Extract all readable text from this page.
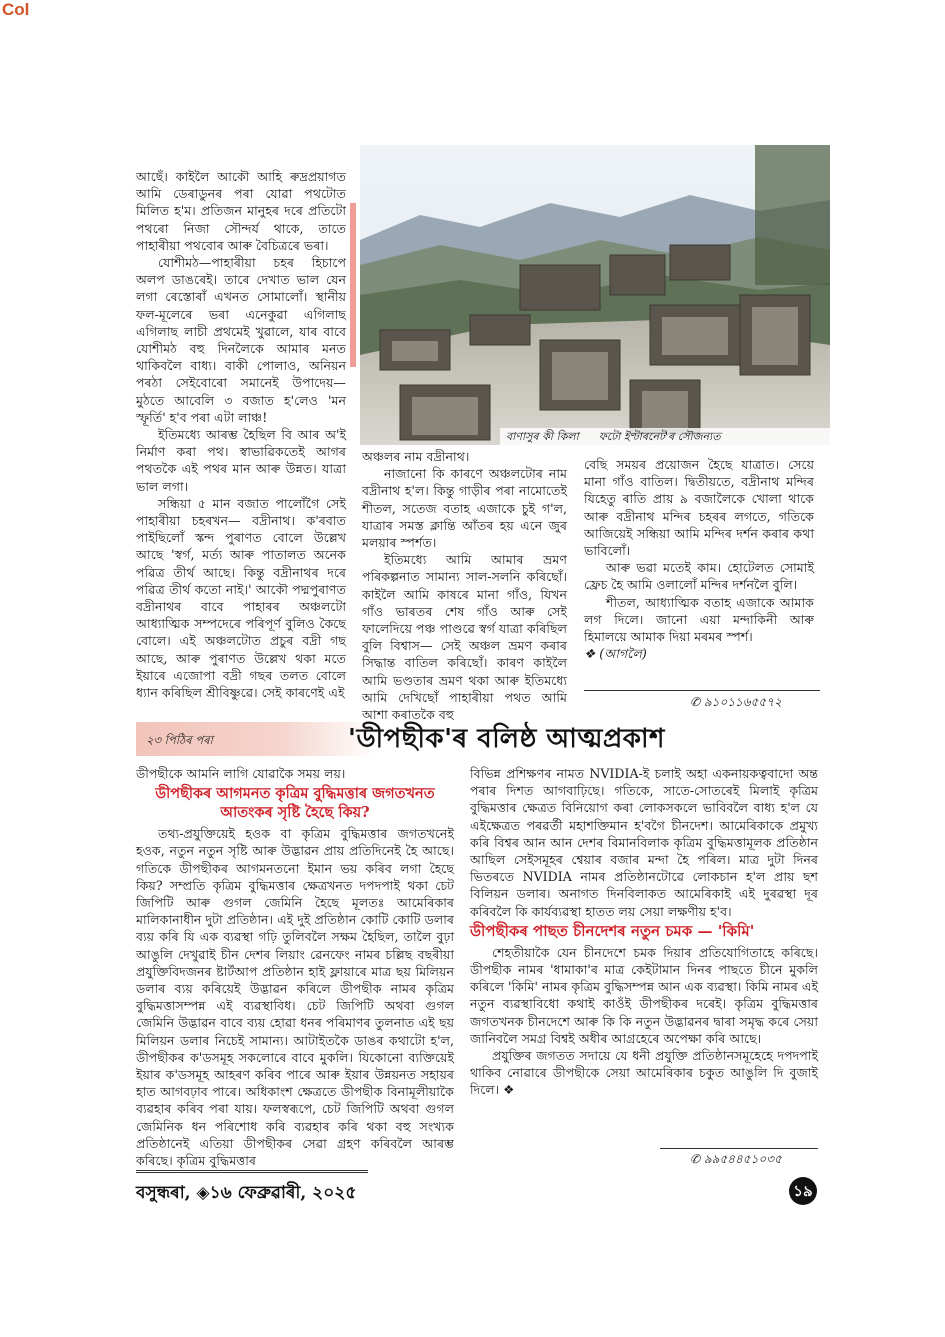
Col

আছেঁ। কাইলৈ আকৌ আহি ৰুদ্ৰপ্ৰয়াগত আমি ডেৰাডুনৰ পৰা যোৱা পথটোত মিলিত হ'ম। প্ৰতিজন মানুহৰ দৰে প্ৰতিটো পথৰো নিজা সৌন্দৰ্য থাকে, তাতে পাহাৰীয়া পথবোৰ আৰু বৈচিত্ৰৰে ভৰা।

যোশীমঠ—পাহাৰীয়া চহৰ হিচাপে অলপ ডাঙৰেই। তাৰে দেখাত ভাল যেন লগা ৰেস্তোৰাঁ এখনত সোমালোঁ। স্থানীয় ফল-মূলেৰে ভৰা এনেকুৱা এগিলাছ এগিলাছ লাচী প্ৰথমেই খুৱালে, যাৰ বাবে যোশীমঠ বহু দিনলৈকে আমাৰ মনত থাকিবলৈ বাধ্য। বাকী পোলাও, অনিয়ন পৰঠা সেইবোৰো সমানেই উপাদেয়— মুঠতে আবেলি ৩ বজাত হ'লেও 'মন স্ফূৰ্তি' হ'ব পৰা এটা লাঞ্চ!

ইতিমধ্যে আৰম্ভ হৈছিল বি আৰ অ'ই নিৰ্মাণ কৰা পথ। স্বাভাৱিকতেই আগৰ পথতকৈ এই পথৰ মান আৰু উন্নত। যাত্ৰা ভাল লগা।

সন্ধিয়া ৫ মান বজাত পালোঁগৈ সেই পাহাৰীয়া চহৰখন— বদ্ৰীনাথ। ক'ৰবাত পাইছিলোঁ স্কন্দ পুৰাণত বোলে উল্লেখ আছে 'স্বৰ্গ, মৰ্ত্য আৰু পাতালত অনেক পৱিত্ৰ তীৰ্থ আছে। কিন্তু বদ্ৰীনাথৰ দৰে পৱিত্ৰ তীৰ্থ কতো নাই।' আকৌ পদ্মপুৰাণত বদ্ৰীনাথৰ বাবে পাহাৰৰ অঞ্চলটো আধ্যাত্মিক সম্পদেৰে পৰিপূৰ্ণ বুলিও কৈছে বোলে। এই অঞ্চলটোত প্ৰচুৰ বদ্ৰী গছ আছে, আৰু পুৰাণত উল্লেখ থকা মতে ইয়াৰে এজোপা বদ্ৰী গছৰ তলত বোলে ধ্যান কৰিছিল শ্ৰীবিষ্ণুৱে। সেই কাৰণেই এই

বাণাসুৰ কী কিলা ফটো ইণ্টাৰনেট'ৰ সৌজন্যত

অঞ্চলৰ নাম বদ্ৰীনাথ।

নাজানো কি কাৰণে অঞ্চলটোৰ নাম বদ্ৰীনাথ হ'ল। কিন্তু গাড়ীৰ পৰা নামোতেই শীতল, সতেজ বতাহ এজাকে চুই গ'ল, যাত্ৰাৰ সমস্ত ক্লান্তি আঁতৰ হয় এনে জুৰ মলয়াৰ স্পৰ্শত।

ইতিমধ্যে আমি আমাৰ ভ্ৰমণ পৰিকল্পনাত সামান্য সাল-সলনি কৰিছোঁ। কাইলৈ আমি কাষৰে মানা গাঁও, যিখন গাঁও ভাৰতৰ শেষ গাঁও আৰু সেই ফালেদিয়ে পঞ্চ পাণ্ডৱে স্বৰ্গ যাত্ৰা কৰিছিল বুলি বিশ্বাস— সেই অঞ্চল ভ্ৰমণ কৰাৰ সিদ্ধান্ত বাতিল কৰিছোঁ। কাৰণ কাইলৈ আমি ভণ্ডতাৰ ভ্ৰমণ থকা আৰু ইতিমধ্যে আমি দেখিছোঁ পাহাৰীয়া পথত আমি আশা কৰাতকৈ বহু

বেছি সময়ৰ প্ৰয়োজন হৈছে যাত্ৰাত। সেয়ে মানা গাঁও বাতিল। দ্বিতীয়তে, বদ্ৰীনাথ মন্দিৰ যিহেতু ৰাতি প্ৰায় ৯ বজালৈকে খোলা থাকে আৰু বদ্ৰীনাথ মন্দিৰ চহৰৰ লগতে, গতিকে আজিয়েই সন্ধিয়া আমি মন্দিৰ দৰ্শন কৰাৰ কথা ভাবিলোঁ।

আৰু ভৱা মতেই কাম। হোটেলত সোমাই ফ্ৰেচ হৈ আমি ওলালোঁ মন্দিৰ দৰ্শনলৈ বুলি।

শীতল, আধ্যাত্মিক বতাহ এজাকে আমাক লগ দিলে। জানো এয়া মন্দাকিনী আৰু হিমালয়ে আমাক দিয়া মৰমৰ স্পৰ্শ।

❖ (আগলৈ)

✆ ৯১০১১৬৫৫৭২
২৩ পিঠিৰ পৰা	'ডীপছীক'ৰ বলিষ্ঠ আত্মপ্ৰকাশ

ডীপছীকে আমনি লাগি যোৱাকৈ সময় লয়।

ডীপছীকৰ আগমনত কৃত্ৰিম বুদ্ধিমত্তাৰ জগতখনত আতংকৰ সৃষ্টি হৈছে কিয়?

তথ্য-প্ৰযুক্তিয়েই হওক বা কৃত্ৰিম বুদ্ধিমত্তাৰ জগতখনেই হওক, নতুন নতুন সৃষ্টি আৰু উদ্ভাৱন প্ৰায় প্ৰতিদিনেই হৈ আছে। গতিকে ডীপছীকৰ আগমনতনো ইমান ভয় কৰিব লগা হৈছে কিয়? সম্প্ৰতি কৃত্ৰিম বুদ্ধিমত্তাৰ ক্ষেত্ৰখনত দপদপাই থকা চেট জিপিটি আৰু গুগল জেমিনি হৈছে মূলতঃ আমেৰিকাৰ মালিকানাধীন দুটা প্ৰতিষ্ঠান। এই দুই প্ৰতিষ্ঠান কোটি কোটি ডলাৰ ব্যয় কৰি যি এক ব্যৱস্থা গঢ়ি তুলিবলৈ সক্ষম হৈছিল, তালৈ বুঢ়া আঙুলি দেখুৱাই চীন দেশৰ লিয়াং ৱেনফেং নামৰ চল্লিছ বছৰীয়া প্ৰযুক্তিবিদজনৰ ষ্টাৰ্টআপ প্ৰতিষ্ঠান হাই ফ্লায়াৰে মাত্ৰ ছয় মিলিয়ন ডলাৰ ব্যয় কৰিয়েই উদ্ভাৱন কৰিলে ডীপছীক নামৰ কৃত্ৰিম বুদ্ধিমত্তাসম্পন্ন এই ব্যৱস্থাবিধ। চেট জিপিটি অথবা গুগল জেমিনি উদ্ভাৱন বাবে ব্যয় হোৱা ধনৰ পৰিমাণৰ তুলনাত এই ছয় মিলিয়ন ডলাৰ নিচেই সামান্য। আটাইতকৈ ডাঙৰ কথাটো হ'ল, ডীপছীকৰ ক'ডসমূহ সকলোৰে বাবে মুকলি। যিকোনো ব্যক্তিয়েই ইয়াৰ ক'ডসমূহ আহৰণ কৰিব পাৰে আৰু ইয়াৰ উন্নয়নত সহায়ৰ হাত আগবঢ়াব পাৰে। অধিকাংশ ক্ষেত্ৰতে ডীপছীক বিনামূলীয়াকৈ ব্যৱহাৰ কৰিব পৰা যায়। ফলস্বৰূপে, চেট জিপিটি অথবা গুগল জেমিনিক ধন পৰিশোধ কৰি ব্যৱহাৰ কৰি থকা বহু সংখ্যক প্ৰতিষ্ঠানেই এতিয়া ডীপছীকৰ সেৱা গ্ৰহণ কৰিবলৈ আৰম্ভ কৰিছে। কৃত্ৰিম বুদ্ধিমত্তাৰ

বিভিন্ন প্ৰশিক্ষণৰ নামত NVIDIA-ই চলাই অহা একনায়কত্ববাদো অন্ত পৰাৰ দিশত আগবাঢ়িছে। গতিকে, সাতে-সোতৰেই মিলাই কৃত্ৰিম বুদ্ধিমত্তাৰ ক্ষেত্ৰত বিনিয়োগ কৰা লোকসকলে ভাবিবলৈ বাধ্য হ'ল যে এইক্ষেত্ৰত পৰৱৰ্তী মহাশক্তিমান হ'বগৈ চীনদেশ। আমেৰিকাকে প্ৰমুখ্য কৰি বিশ্বৰ আন আন দেশৰ বিমানবিলাক কৃত্ৰিম বুদ্ধিমত্তামূলক প্ৰতিষ্ঠান আছিল সেইসমূহৰ শ্বেয়াৰ বজাৰ মন্দা হৈ পৰিল। মাত্ৰ দুটা দিনৰ ভিতৰতে NVIDIA নামৰ প্ৰতিষ্ঠানটোৱে লোকচান হ'ল প্ৰায় ছশ বিলিয়ন ডলাৰ। অনাগত দিনবিলাকত আমেৰিকাই এই দুৰৱস্থা দূৰ কৰিবলৈ কি কাৰ্যব্যৱস্থা হাতত লয় সেয়া লক্ষণীয় হ'ব।

ডীপছীকৰ পাছত চীনদেশৰ নতুন চমক — 'কিমি'

শেহতীয়াকৈ যেন চীনদেশে চমক দিয়াৰ প্ৰতিযোগিতাহে কৰিছে। ডীপছীক নামৰ 'ধামাকা'ৰ মাত্ৰ কেইটামান দিনৰ পাছতে চীনে মুকলি কৰিলে 'কিমি' নামৰ কৃত্ৰিম বুদ্ধিসম্পন্ন আন এক ব্যৱস্থা। কিমি নামৰ এই নতুন ব্যৱস্থাবিধো কথাই কাওঁই ডীপছীকৰ দৰেই। কৃত্ৰিম বুদ্ধিমত্তাৰ জগতখনক চীনদেশে আৰু কি কি নতুন উদ্ভাৱনৰ দ্বাৰা সমৃদ্ধ কৰে সেয়া জানিবলৈ সমগ্ৰ বিশ্বই অধীৰ আগ্ৰহেৰে অপেক্ষা কৰি আছে।

প্ৰযুক্তিৰ জগতত সদায়ে যে ধনী প্ৰযুক্তি প্ৰতিষ্ঠানসমূহেহে দপদপাই থাকিব নোৱাৰে ডীপছীকে সেয়া আমেৰিকাৰ চকুত আঙুলি দি বুজাই দিলে। ❖

✆ ৯৯৫৪৪৫১০৩৫
বসুন্ধৰা, ◈১৬ ফেব্ৰুৱাৰী, ২০২৫	১৯
